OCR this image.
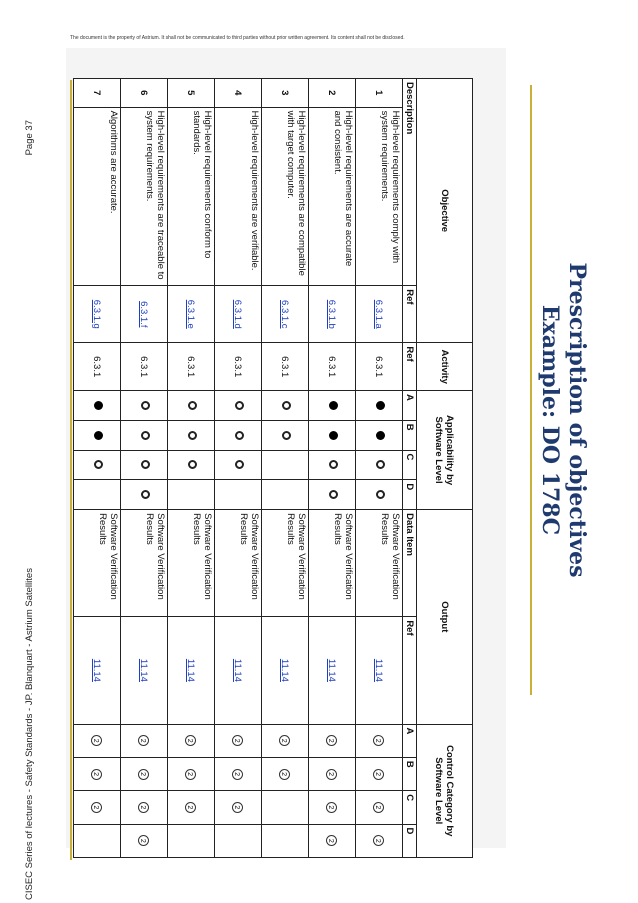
The document is the property of Astrium. It shall not be communicated to third parties without prior written agreement. Its content shall not be disclosed.
Prescription of objectives
Example: DO 178C
Objective			Activity	Applicability by Software Level				Output		Control Category by Software Level			
Description		Ref	Ref	A	B	C	D	Data Item	Ref	A	B	C	D
1	High-level requirements comply with system requirements.	6.3.1.a	6.3.1					Software Verification Results	11.14	2	2	2	2
2	High-level requirements are accurate and consistent.	6.3.1.b	6.3.1					Software Verification Results	11.14	2	2	2	2
3	High-level requirements are compatible with target computer.	6.3.1.c	6.3.1					Software Verification Results	11.14	2	2		
4	High-level requirements are verifiable.	6.3.1.d	6.3.1					Software Verification Results	11.14	2	2	2	
5	High-level requirements conform to standards.	6.3.1.e	6.3.1					Software Verification Results	11.14	2	2	2	
6	High-level requirements are traceable to system requirements.	6.3.1.f	6.3.1					Software Verification Results	11.14	2	2	2	2
7	Algorithms are accurate.	6.3.1.g	6.3.1					Software Verification Results	11.14	2	2	2	
CISEC Series of lectures - Safety Standards - JP. Blanquart - Astrium Satellites
Page 37
